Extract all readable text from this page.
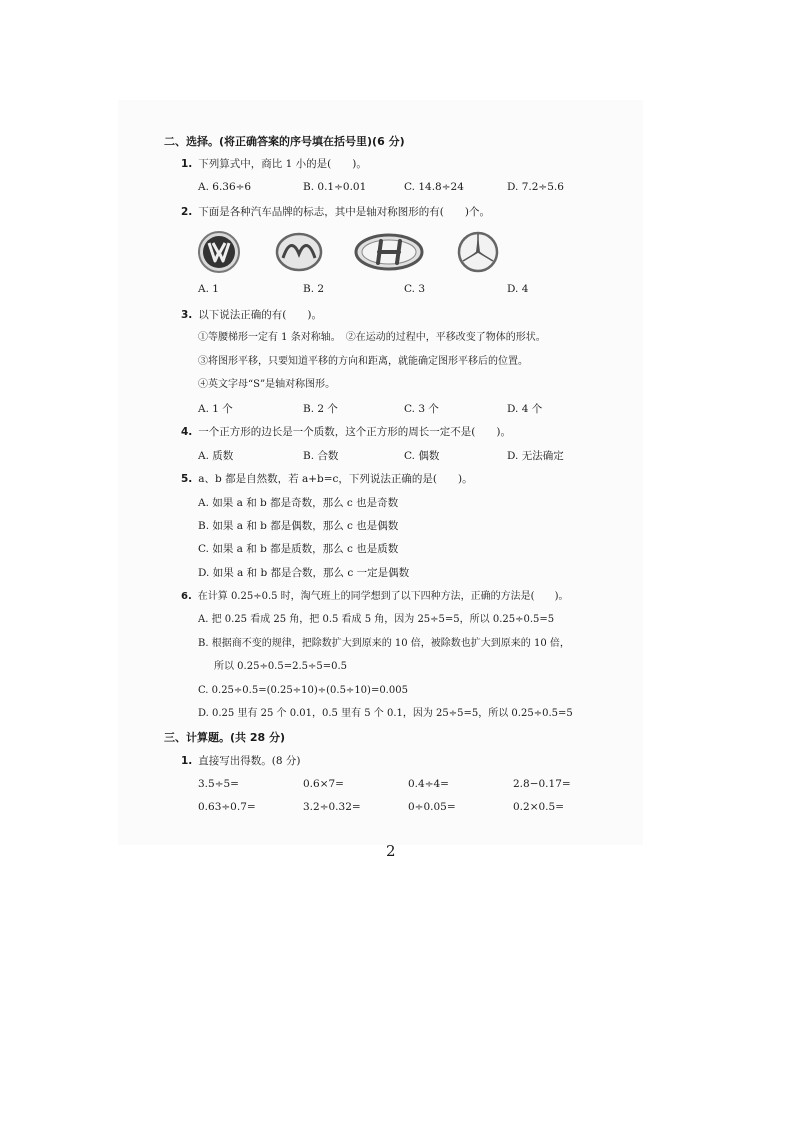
二、选择。(将正确答案的序号填在括号里)(6 分)
1. 下列算式中，商比 1 小的是(　　)。
A. 6.36÷6	B. 0.1÷0.01	C. 14.8÷24	D. 7.2÷5.6
2. 下面是各种汽车品牌的标志，其中是轴对称图形的有(　　)个。
A. 1	B. 2	C. 3	D. 4
3. 以下说法正确的有(　　)。
①等腰梯形一定有 1 条对称轴。　②在运动的过程中，平移改变了物体的形状。
③将图形平移，只要知道平移的方向和距离，就能确定图形平移后的位置。
④英文字母“S”是轴对称图形。
A. 1 个	B. 2 个	C. 3 个	D. 4 个
4. 一个正方形的边长是一个质数，这个正方形的周长一定不是(　　)。
A. 质数	B. 合数	C. 偶数	D. 无法确定
5. a、b 都是自然数，若 a+b=c，下列说法正确的是(　　)。
A. 如果 a 和 b 都是奇数，那么 c 也是奇数
B. 如果 a 和 b 都是偶数，那么 c 也是偶数
C. 如果 a 和 b 都是质数，那么 c 也是质数
D. 如果 a 和 b 都是合数，那么 c 一定是偶数
6. 在计算 0.25÷0.5 时，淘气班上的同学想到了以下四种方法，正确的方法是(　　)。
A. 把 0.25 看成 25 角，把 0.5 看成 5 角，因为 25÷5=5，所以 0.25÷0.5=5
B. 根据商不变的规律，把除数扩大到原来的 10 倍，被除数也扩大到原来的 10 倍，
所以 0.25÷0.5=2.5÷5=0.5
C. 0.25÷0.5=(0.25÷10)÷(0.5÷10)=0.005
D. 0.25 里有 25 个 0.01，0.5 里有 5 个 0.1，因为 25÷5=5，所以 0.25÷0.5=5
三、计算题。(共 28 分)
1. 直接写出得数。(8 分)
3.5÷5=	0.6×7=	0.4÷4=	2.8−0.17=
0.63÷0.7=	3.2÷0.32=	0÷0.05=	0.2×0.5=
2
